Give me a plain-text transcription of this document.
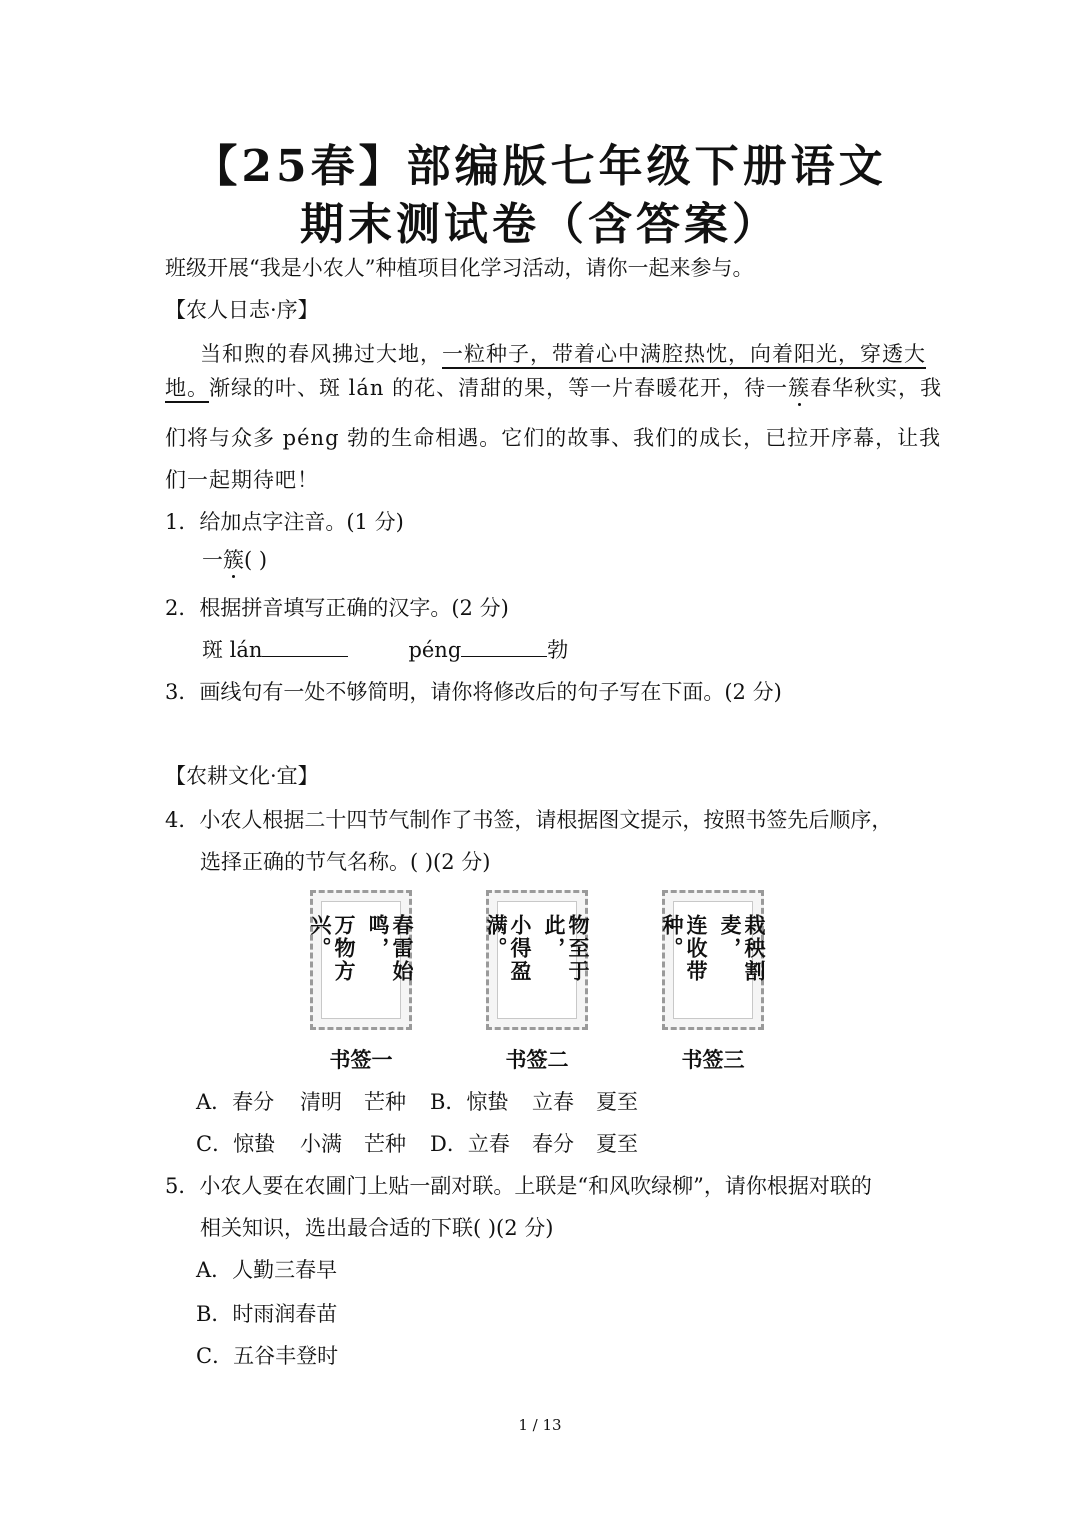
【25春】部编版七年级下册语文
期末测试卷（含答案）

班级开展“我是小农人”种植项目化学习活动，请你一起来参与。

【农人日志·序】

当和煦的春风拂过大地，一粒种子，带着心中满腔热忱，向着阳光，穿透大

地。渐绿的叶、斑 lán 的花、清甜的果，等一片春暖花开，待一簇春华秋实，我

们将与众多 péng 勃的生命相遇。它们的故事、我们的成长，已拉开序幕，让我

们一起期待吧！

1．给加点字注音。(1 分)

一簇( )

2．根据拼音填写正确的汉字。(2 分)

斑 lán	péng	勃

3．画线句有一处不够简明，请你将修改后的句子写在下面。(2 分)

【农耕文化·宜】

4．小农人根据二十四节气制作了书签，请根据图文提示，按照书签先后顺序，

选择正确的节气名称。( )(2 分)

春雷始鸣，
万物方兴。	物至于此，
小得盈满。	栽秧割麦，
连收带种。
书签一	书签二	书签三

A．春分 清明 芒种 B．惊蛰 立春 夏至

C．惊蛰 小满 芒种 D．立春 春分 夏至

5．小农人要在农圃门上贴一副对联。上联是“和风吹绿柳”，请你根据对联的

相关知识，选出最合适的下联( )(2 分)

A．人勤三春早

B．时雨润春苗

C．五谷丰登时

1 / 13
